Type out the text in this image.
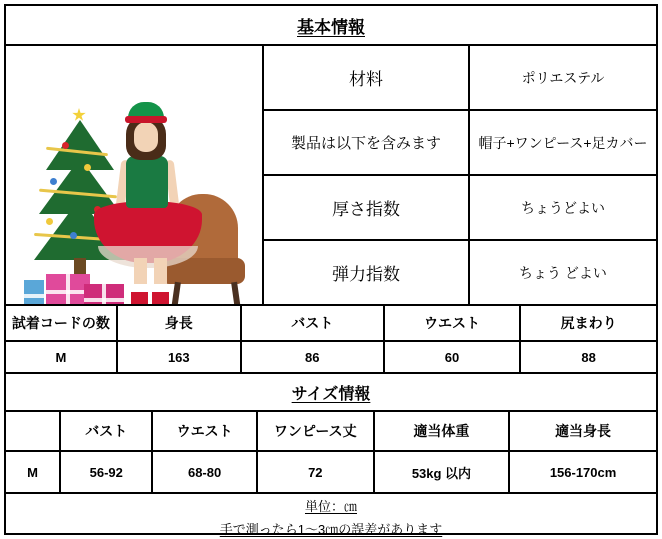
基本情報
材料	ポリエステル
製品は以下を含みます	帽子+ワンピース+足カバー
厚さ指数	ちょうどよい
弾力指数	ちょう どよい
試着コードの数	身長	バスト	ウエスト	尻まわり
M	163	86	60	88
サイズ情報
	バスト	ウエスト	ワンピース丈	適当体重	適当身長
M	56-92	68-80	72	53kg 以内	156-170cm
単位：㎝
手で測ったら1～3㎝の誤差があります
